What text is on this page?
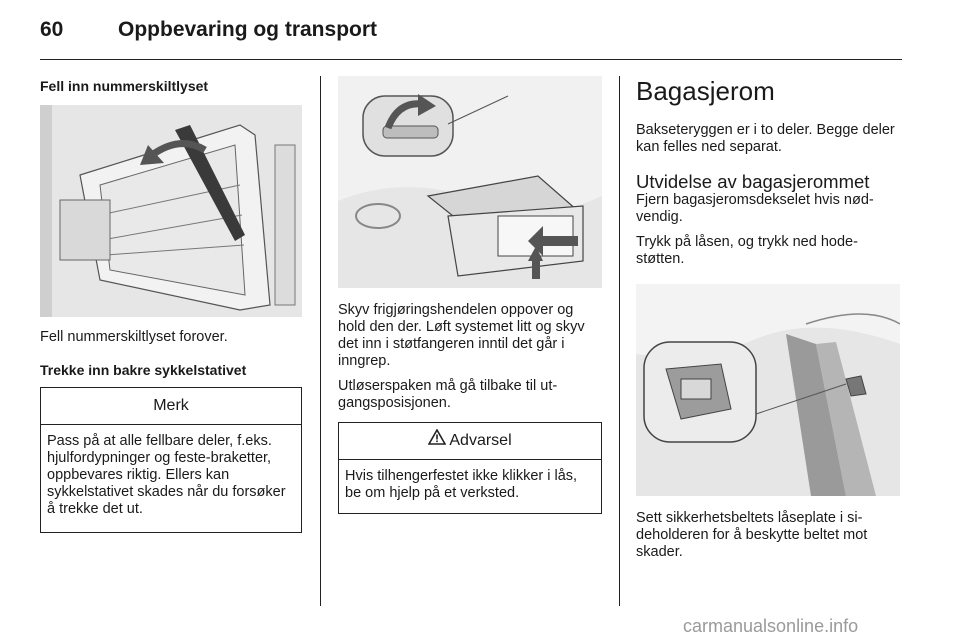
60	Oppbevaring og transport

Fell inn nummerskiltlyset

Fell nummerskiltlyset forover.

Trekke inn bakre sykkelstativet

Merk
Pass på at alle fellbare deler, f.eks. hjulfordypninger og feste-braketter, oppbevares riktig. Ellers kan sykkelstativet skades når du forsøker å trekke det ut.

Skyv frigjøringshendelen oppover og hold den der. Løft systemet litt og skyv det inn i støtfangeren inntil det går i inngrep.

Utløserspaken må gå tilbake til ut-gangsposisjonen.

Advarsel
Hvis tilhengerfestet ikke klikker i lås, be om hjelp på et verksted.
Bagasjerom

Bakseteryggen er i to deler. Begge deler kan felles ned separat.

Utvidelse av bagasjerommet

Fjern bagasjeromsdekselet hvis nød-vendig.

Trykk på låsen, og trykk ned hode-støtten.

Sett sikkerhetsbeltets låseplate i si-deholderen for å beskytte beltet mot skader.

carmanualsonline.info
